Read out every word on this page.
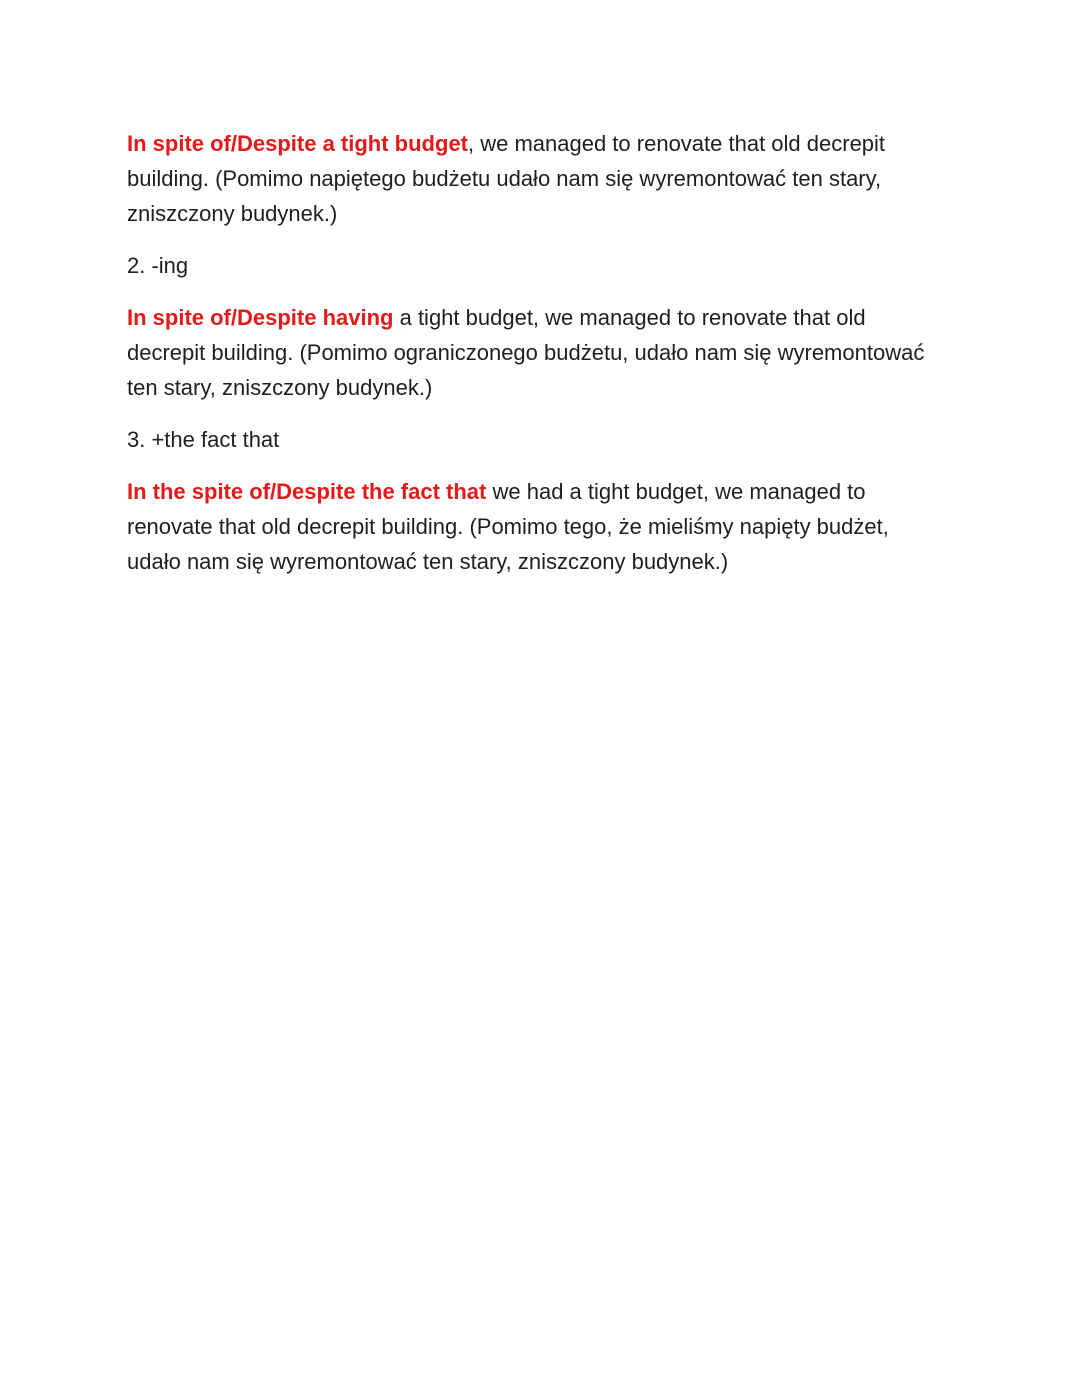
In spite of/Despite a tight budget, we managed to renovate that old decrepit building. (Pomimo napiętego budżetu udało nam się wyremontować ten stary, zniszczony budynek.)

2. -ing

In spite of/Despite having a tight budget, we managed to renovate that old decrepit building. (Pomimo ograniczonego budżetu, udało nam się wyremontować ten stary, zniszczony budynek.)

3. +the fact that

In the spite of/Despite the fact that we had a tight budget, we managed to renovate that old decrepit building. (Pomimo tego, że mieliśmy napięty budżet, udało nam się wyremontować ten stary, zniszczony budynek.)
